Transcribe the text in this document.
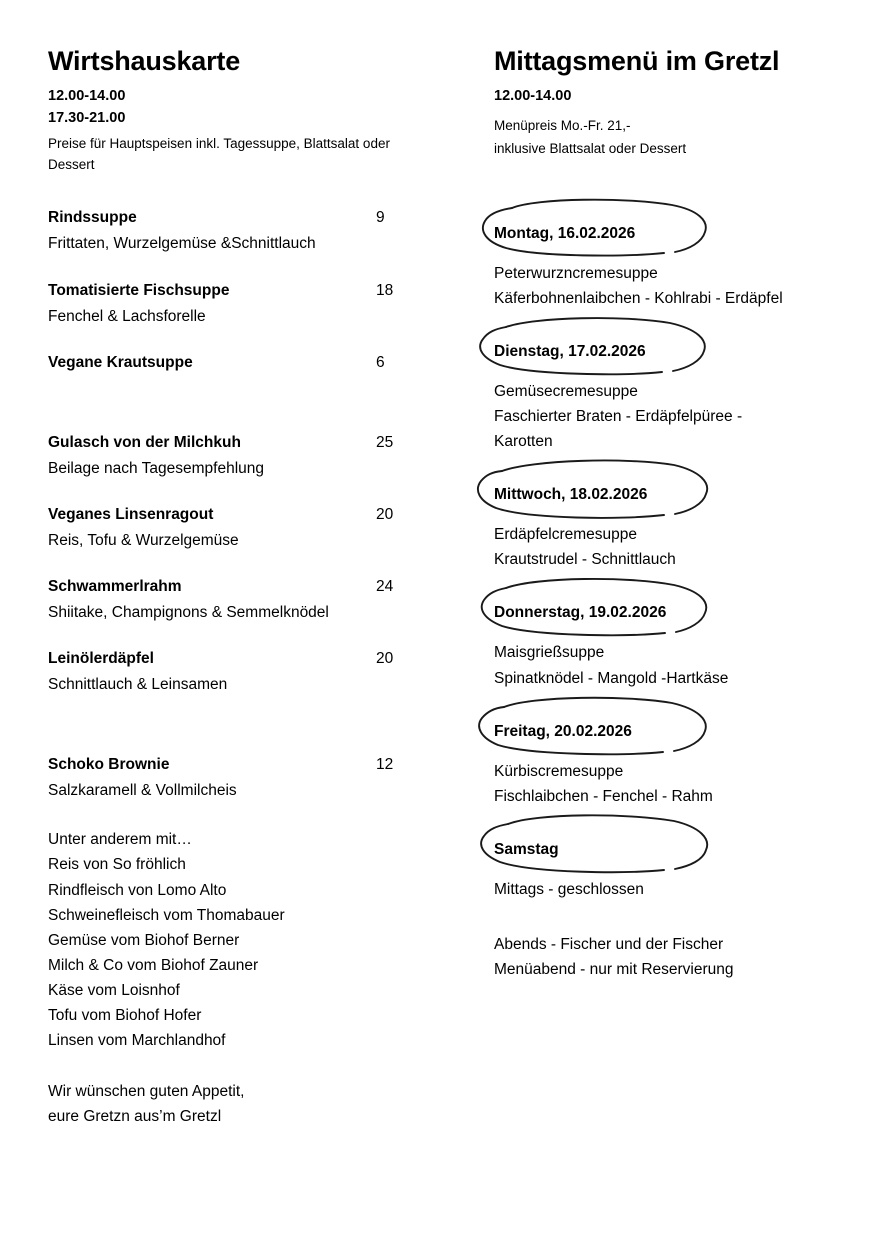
Wirtshauskarte
12.00-14.00
17.30-21.00
Preise für Hauptspeisen inkl. Tagessuppe, Blattsalat oder Dessert
Rindssuppe	9
Frittaten, Wurzelgemüse &Schnittlauch
Tomatisierte Fischsuppe	18
Fenchel & Lachsforelle
Vegane Krautsuppe	6
Gulasch von der Milchkuh	25
Beilage nach Tagesempfehlung
Veganes Linsenragout	20
Reis, Tofu & Wurzelgemüse
Schwammerlrahm	24
Shiitake, Champignons & Semmelknödel
Leinölerdäpfel	20
Schnittlauch & Leinsamen
Schoko Brownie	12
Salzkaramell & Vollmilcheis
Unter anderem mit…
Reis von So fröhlich
Rindfleisch von Lomo Alto
Schweinefleisch vom Thomabauer
Gemüse vom Biohof Berner
Milch & Co vom Biohof Zauner
Käse vom Loisnhof
Tofu vom Biohof Hofer
Linsen vom Marchlandhof
Wir wünschen guten Appetit,
eure Gretzn aus’m Gretzl
Mittagsmenü im Gretzl
12.00-14.00
Menüpreis Mo.-Fr. 21,-
inklusive Blattsalat oder Dessert
Montag, 16.02.2026
Peterwurzncremesuppe
Käferbohnenlaibchen - Kohlrabi - Erdäpfel
Dienstag, 17.02.2026
Gemüsecremesuppe
Faschierter Braten - Erdäpfelpüree -
Karotten
Mittwoch, 18.02.2026
Erdäpfelcremesuppe
Krautstrudel - Schnittlauch
Donnerstag, 19.02.2026
Maisgrießsuppe
Spinatknödel - Mangold -Hartkäse
Freitag, 20.02.2026
Kürbiscremesuppe
Fischlaibchen - Fenchel - Rahm
Samstag
Mittags - geschlossen
Abends - Fischer und der Fischer
Menüabend - nur mit Reservierung
